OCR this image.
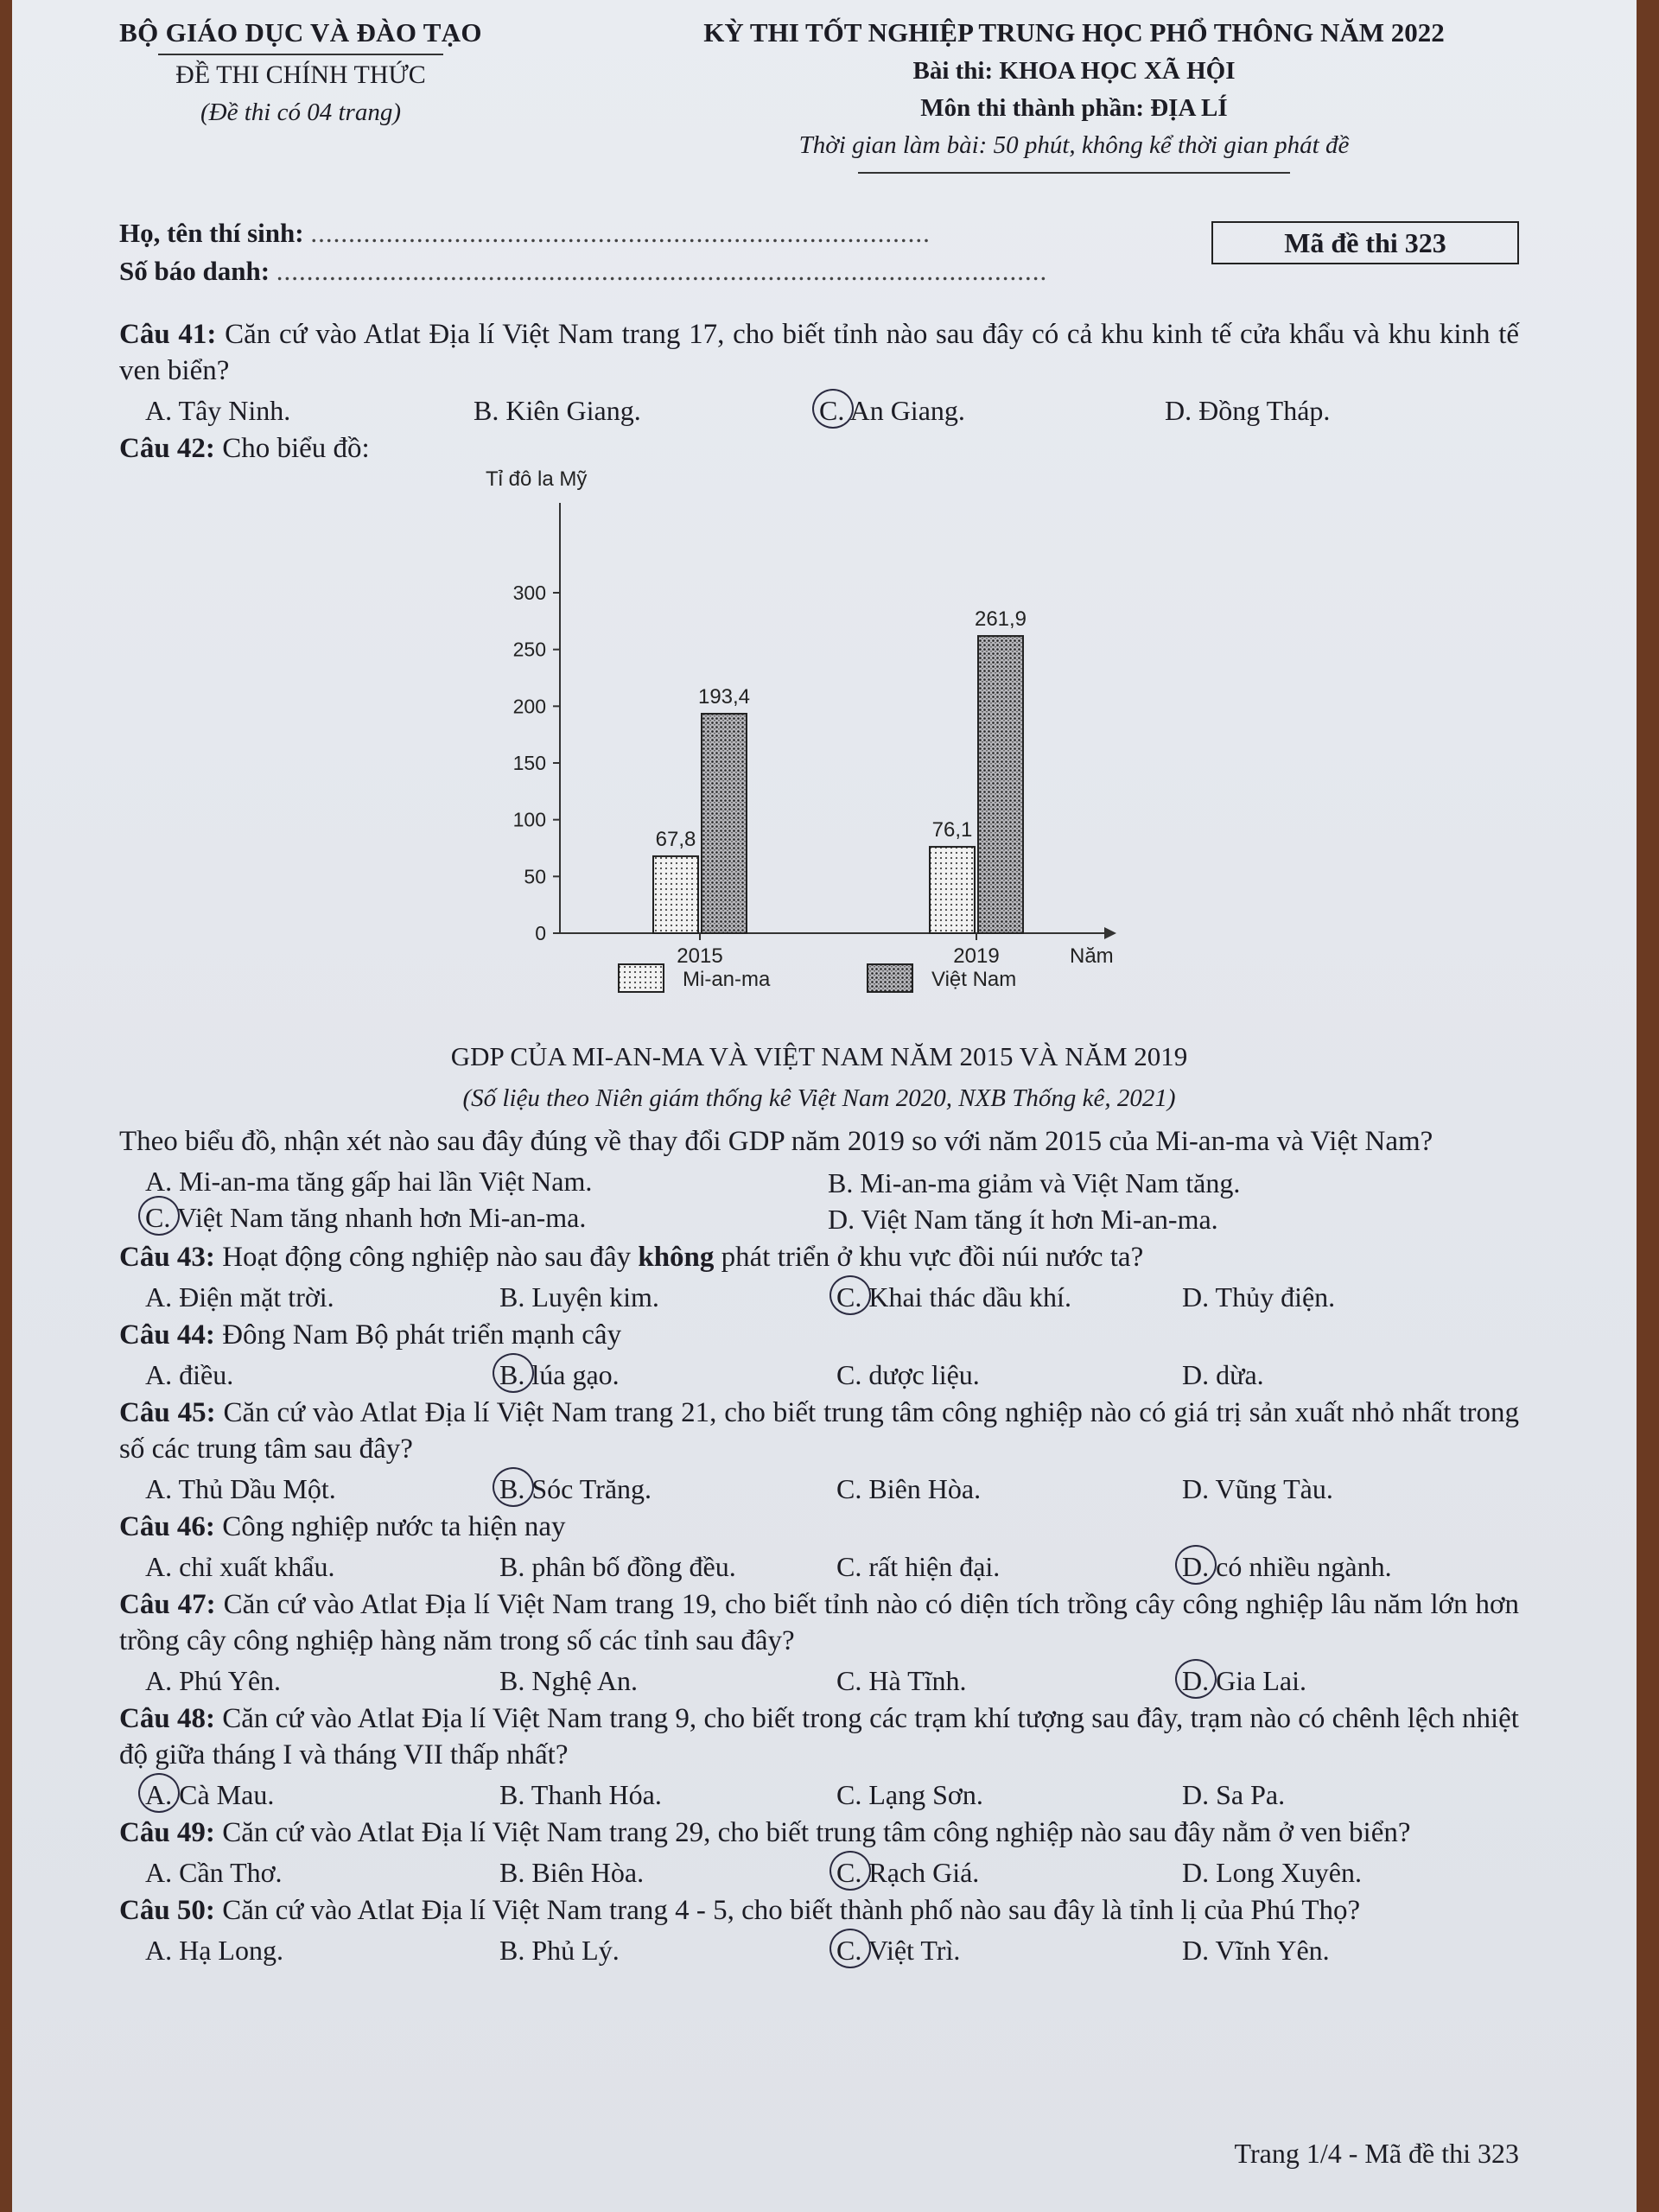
BỘ GIÁO DỤC VÀ ĐÀO TẠO
ĐỀ THI CHÍNH THỨC
(Đề thi có 04 trang)
KỲ THI TỐT NGHIỆP TRUNG HỌC PHỔ THÔNG NĂM 2022
Bài thi: KHOA HỌC XÃ HỘI
Môn thi thành phần: ĐỊA LÍ
Thời gian làm bài: 50 phút, không kể thời gian phát đề
Họ, tên thí sinh: ..................................................................................
Số báo danh: ......................................................................................................
Mã đề thi 323
Câu 41: Căn cứ vào Atlat Địa lí Việt Nam trang 17, cho biết tỉnh nào sau đây có cả khu kinh tế cửa khẩu và khu kinh tế ven biển?
A. Tây Ninh.	B. Kiên Giang.	C. An Giang.	D. Đồng Tháp.
Câu 42: Cho biểu đồ:
Tỉ đô la Mỹ
0
50
100
150
200
250
300
Năm
67,8
193,4
2015
76,1
261,9
2019
Mi-an-ma	Việt Nam
GDP CỦA MI-AN-MA VÀ VIỆT NAM NĂM 2015 VÀ NĂM 2019
(Số liệu theo Niên giám thống kê Việt Nam 2020, NXB Thống kê, 2021)
Theo biểu đồ, nhận xét nào sau đây đúng về thay đổi GDP năm 2019 so với năm 2015 của Mi-an-ma và Việt Nam?
A. Mi-an-ma tăng gấp hai lần Việt Nam.	B. Mi-an-ma giảm và Việt Nam tăng.
C. Việt Nam tăng nhanh hơn Mi-an-ma.	D. Việt Nam tăng ít hơn Mi-an-ma.
Câu 43: Hoạt động công nghiệp nào sau đây không phát triển ở khu vực đồi núi nước ta?
A. Điện mặt trời.	B. Luyện kim.	C. Khai thác dầu khí.	D. Thủy điện.
Câu 44: Đông Nam Bộ phát triển mạnh cây
A. điều.	B. lúa gạo.	C. dược liệu.	D. dừa.
Câu 45: Căn cứ vào Atlat Địa lí Việt Nam trang 21, cho biết trung tâm công nghiệp nào có giá trị sản xuất nhỏ nhất trong số các trung tâm sau đây?
A. Thủ Dầu Một.	B. Sóc Trăng.	C. Biên Hòa.	D. Vũng Tàu.
Câu 46: Công nghiệp nước ta hiện nay
A. chỉ xuất khẩu.	B. phân bố đồng đều.	C. rất hiện đại.	D. có nhiều ngành.
Câu 47: Căn cứ vào Atlat Địa lí Việt Nam trang 19, cho biết tỉnh nào có diện tích trồng cây công nghiệp lâu năm lớn hơn trồng cây công nghiệp hàng năm trong số các tỉnh sau đây?
A. Phú Yên.	B. Nghệ An.	C. Hà Tĩnh.	D. Gia Lai.
Câu 48: Căn cứ vào Atlat Địa lí Việt Nam trang 9, cho biết trong các trạm khí tượng sau đây, trạm nào có chênh lệch nhiệt độ giữa tháng I và tháng VII thấp nhất?
A. Cà Mau.	B. Thanh Hóa.	C. Lạng Sơn.	D. Sa Pa.
Câu 49: Căn cứ vào Atlat Địa lí Việt Nam trang 29, cho biết trung tâm công nghiệp nào sau đây nằm ở ven biển?
A. Cần Thơ.	B. Biên Hòa.	C. Rạch Giá.	D. Long Xuyên.
Câu 50: Căn cứ vào Atlat Địa lí Việt Nam trang 4 - 5, cho biết thành phố nào sau đây là tỉnh lị của Phú Thọ?
A. Hạ Long.	B. Phủ Lý.	C. Việt Trì.	D. Vĩnh Yên.
Trang 1/4 - Mã đề thi 323
